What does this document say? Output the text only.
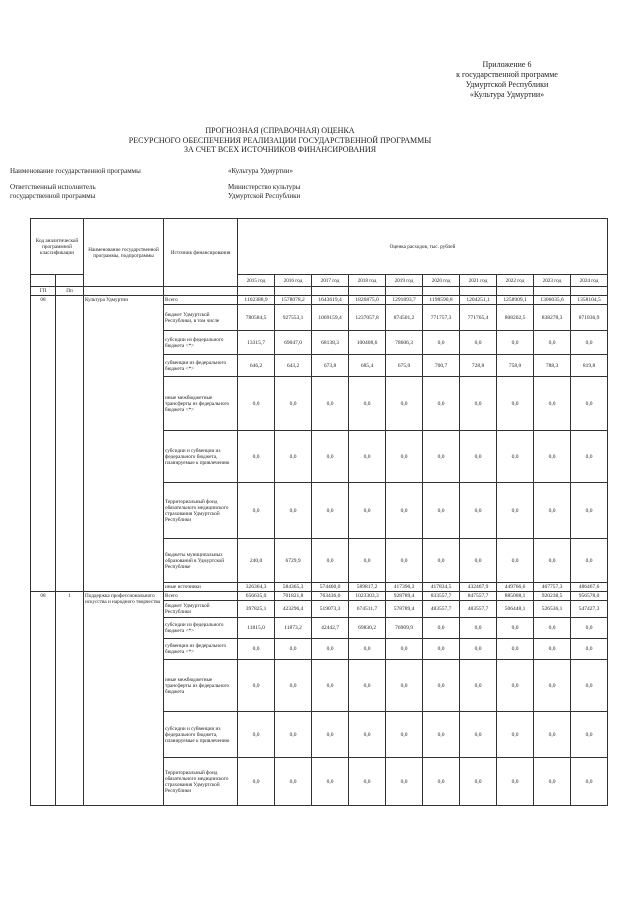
Приложение 6
к государственной программе
Удмуртской Республики
«Культура Удмуртии»
ПРОГНОЗНАЯ (СПРАВОЧНАЯ) ОЦЕНКА
РЕСУРСНОГО ОБЕСПЕЧЕНИЯ РЕАЛИЗАЦИИ ГОСУДАРСТВЕННОЙ ПРОГРАММЫ
ЗА СЧЕТ ВСЕХ ИСТОЧНИКОВ ФИНАНСИРОВАНИЯ
Наименование государственной программы	«Культура Удмуртии»
Ответственный исполнитель
государственной программы
Министерство культуры
Удмуртской Республики
Код аналитической программной классификации		Наименование государственной программы, подпрограммы	Источник финансирования	Оценка расходов, тыс. рублей									
				2015 год	2016 год	2017 год	2018 год	2019 год	2020 год	2021 год	2022 год	2023 год	2024 год
ГП	Пп												
08		Культура Удмуртии	Всего	1162388,9	1578078,2	1643619,4	1826875,0	1291893,7	1198590,8	1204251,1	1258909,1	1306035,6	1358104,5
			бюджет Удмуртской Республики, в том числе	780584,5	927553,1	1069159,4	1237057,8	874501,2	771757,3	771765,4	808202,5	838278,3	871836,9
			субсидии из федерального бюджета <*>	13315,7	69047,0	68138,3	100408,6	78606,3	0,0	0,0	0,0	0,0	0,0
			субвенции из федерального бюджета <*>	646,2	643,2	673,8	685,4	675,0	700,7	728,8	758,0	788,3	819,8
			иные межбюджетные трансферты из федерального бюджета <*>	0,0	0,0	0,0	0,0	0,0	0,0	0,0	0,0	0,0	0,0
			субсидии и субвенции из федерального бюджета, планируемые к привлечению	0,0	0,0	0,0	0,0	0,0	0,0	0,0	0,0	0,0	0,0
			Территориальный фонд обязательного медицинского страхования Удмуртской Республики	0,0	0,0	0,0	0,0	0,0	0,0	0,0	0,0	0,0	0,0
			бюджеты муниципальных образований в Удмуртской Республике	240,0	6729,9	0,0	0,0	0,0	0,0	0,0	0,0	0,0	0,0
			иные источники	326364,3	584365,3	574460,0	589817,2	417396,3	417834,5	432467,9	449766,6	467757,3	486467,6
08	1	Поддержка профессионального искусства и народного творчества	Всего	656635,0	701821,8	763436,0	1023303,3	928789,4	833557,7	847557,7	885008,1	920238,5	956578,0
			бюджет Удмуртской Республики	397825,1	423296,4	519073,3	674511,7	578789,4	483557,7	483557,7	506448,1	526536,1	547427,3
			субсидии из федерального бюджета <*>	11815,0	11873,2	42442,7	69830,2	76909,9	0,0	0,0	0,0	0,0	0,0
			субвенции из федерального бюджета <*>	0,0	0,0	0,0	0,0	0,0	0,0	0,0	0,0	0,0	0,0
			иные межбюджетные трансферты из федерального бюджета	0,0	0,0	0,0	0,0	0,0	0,0	0,0	0,0	0,0	0,0
			субсидии и субвенции из федерального бюджета, планируемые к привлечению	0,0	0,0	0,0	0,0	0,0	0,0	0,0	0,0	0,0	0,0
			Территориальный фонд обязательного медицинского страхования Удмуртской Республики	0,0	0,0	0,0	0,0	0,0	0,0	0,0	0,0	0,0	0,0
